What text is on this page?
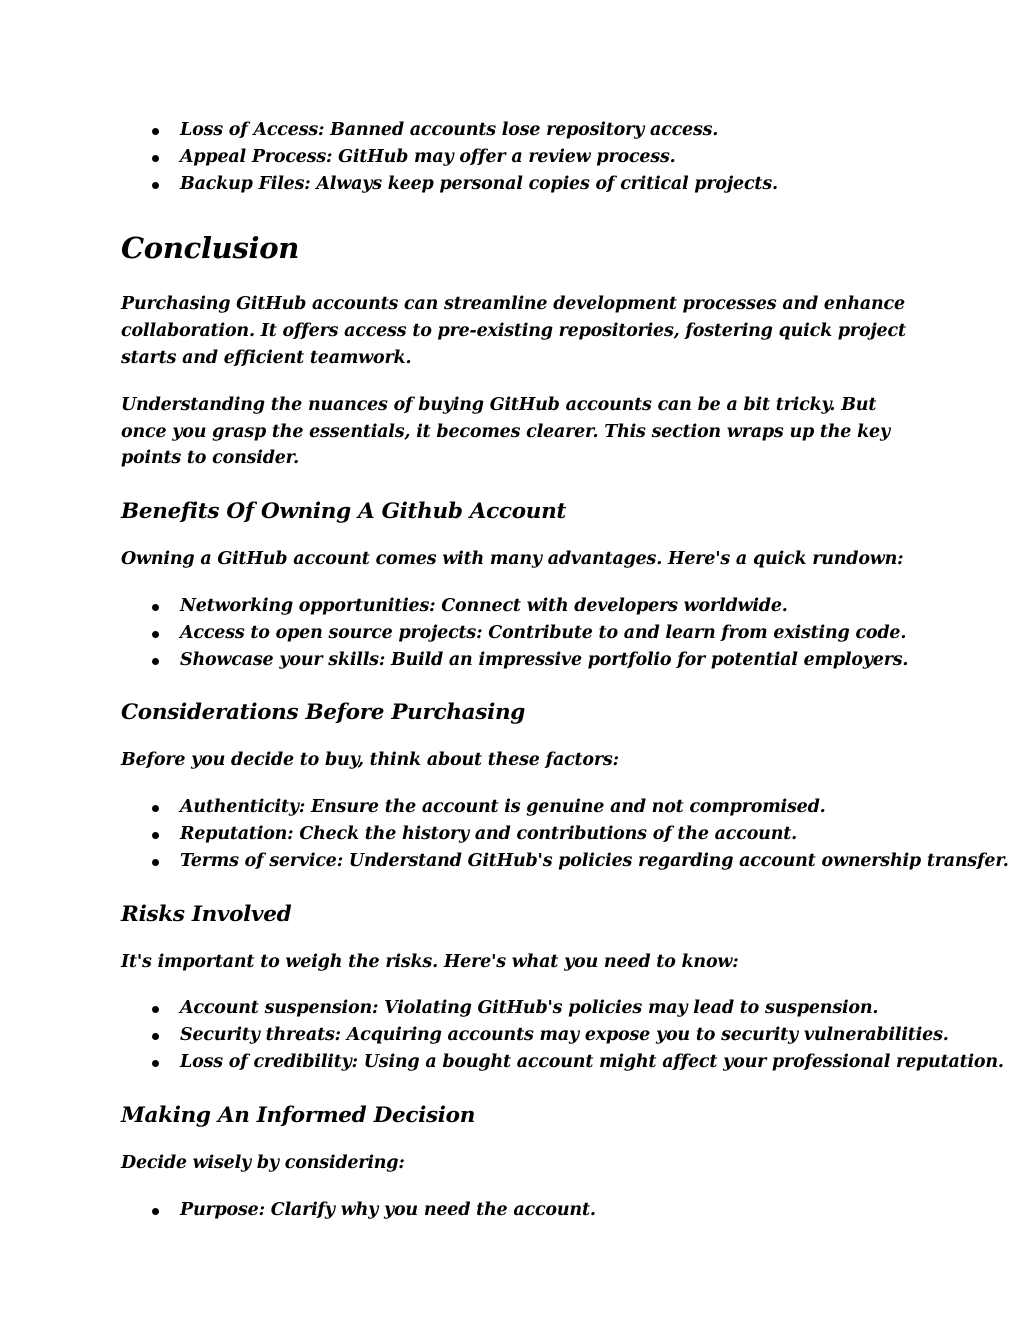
Loss of Access: Banned accounts lose repository access.
Appeal Process: GitHub may offer a review process.
Backup Files: Always keep personal copies of critical projects.
Conclusion

Purchasing GitHub accounts can streamline development processes and enhance collaboration. It offers access to pre-existing repositories, fostering quick project starts and efficient teamwork.

Understanding the nuances of buying GitHub accounts can be a bit tricky. But once you grasp the essentials, it becomes clearer. This section wraps up the key points to consider.

Benefits Of Owning A Github Account

Owning a GitHub account comes with many advantages. Here's a quick rundown:

Networking opportunities: Connect with developers worldwide.
Access to open source projects: Contribute to and learn from existing code.
Showcase your skills: Build an impressive portfolio for potential employers.
Considerations Before Purchasing

Before you decide to buy, think about these factors:

Authenticity: Ensure the account is genuine and not compromised.
Reputation: Check the history and contributions of the account.
Terms of service: Understand GitHub's policies regarding account ownership transfer.
Risks Involved

It's important to weigh the risks. Here's what you need to know:

Account suspension: Violating GitHub's policies may lead to suspension.
Security threats: Acquiring accounts may expose you to security vulnerabilities.
Loss of credibility: Using a bought account might affect your professional reputation.
Making An Informed Decision

Decide wisely by considering:

Purpose: Clarify why you need the account.
